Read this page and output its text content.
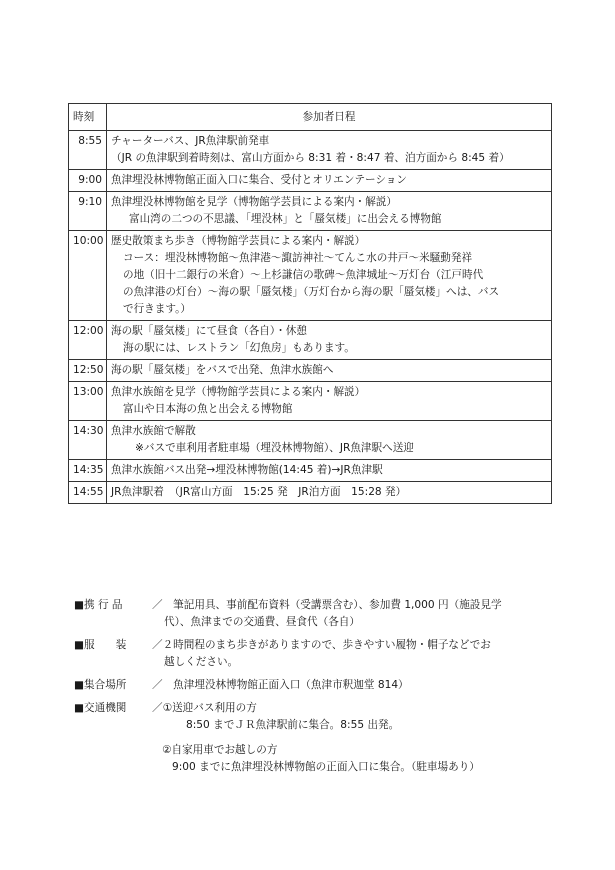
時刻	参加者日程
8:55	チャーターバス、JR魚津駅前発車
（JR の魚津駅到着時刻は、富山方面から 8:31 着・8:47 着、泊方面から 8:45 着）

9:00	魚津埋没林博物館正面入口に集合、受付とオリエンテーション

9:10	魚津埋没林博物館を見学（博物館学芸員による案内・解説）
富山湾の二つの不思議、「埋没林」と「蜃気楼」に出会える博物館

10:00	歴史散策まち歩き（博物館学芸員による案内・解説）
コース：埋没林博物館～魚津港～諏訪神社～てんこ水の井戸～米騒動発祥
の地（旧十二銀行の米倉）～上杉謙信の歌碑～魚津城址～万灯台（江戸時代
の魚津港の灯台）～海の駅「蜃気楼」（万灯台から海の駅「蜃気楼」へは、バス
で行きます。）

12:00	海の駅「蜃気楼」にて昼食（各自）・休憩
海の駅には、レストラン「幻魚房」もあります。

12:50	海の駅「蜃気楼」をバスで出発、魚津水族館へ

13:00	魚津水族館を見学（博物館学芸員による案内・解説）
富山や日本海の魚と出会える博物館

14:30	魚津水族館で解散
※バスで車利用者駐車場（埋没林博物館）、JR魚津駅へ送迎

14:35	魚津水族館バス出発→埋没林博物館(14:45 着)→JR魚津駅

14:55	JR魚津駅着　（JR富山方面　15:25 発　JR泊方面　15:28 発）
■携 行 品	／　筆記用具、事前配布資料（受講票含む）、参加費 1,000 円（施設見学
代）、魚津までの交通費、昼食代（各自）
■服　　装	／２時間程のまち歩きがありますので、歩きやすい履物・帽子などでお
越しください。
■集合場所	／　魚津埋没林博物館正面入口（魚津市釈迦堂 814）
■交通機関	／①送迎バス利用の方
8:50 までＪＲ魚津駅前に集合。8:55 出発。
②自家用車でお越しの方
9:00 までに魚津埋没林博物館の正面入口に集合。（駐車場あり）
